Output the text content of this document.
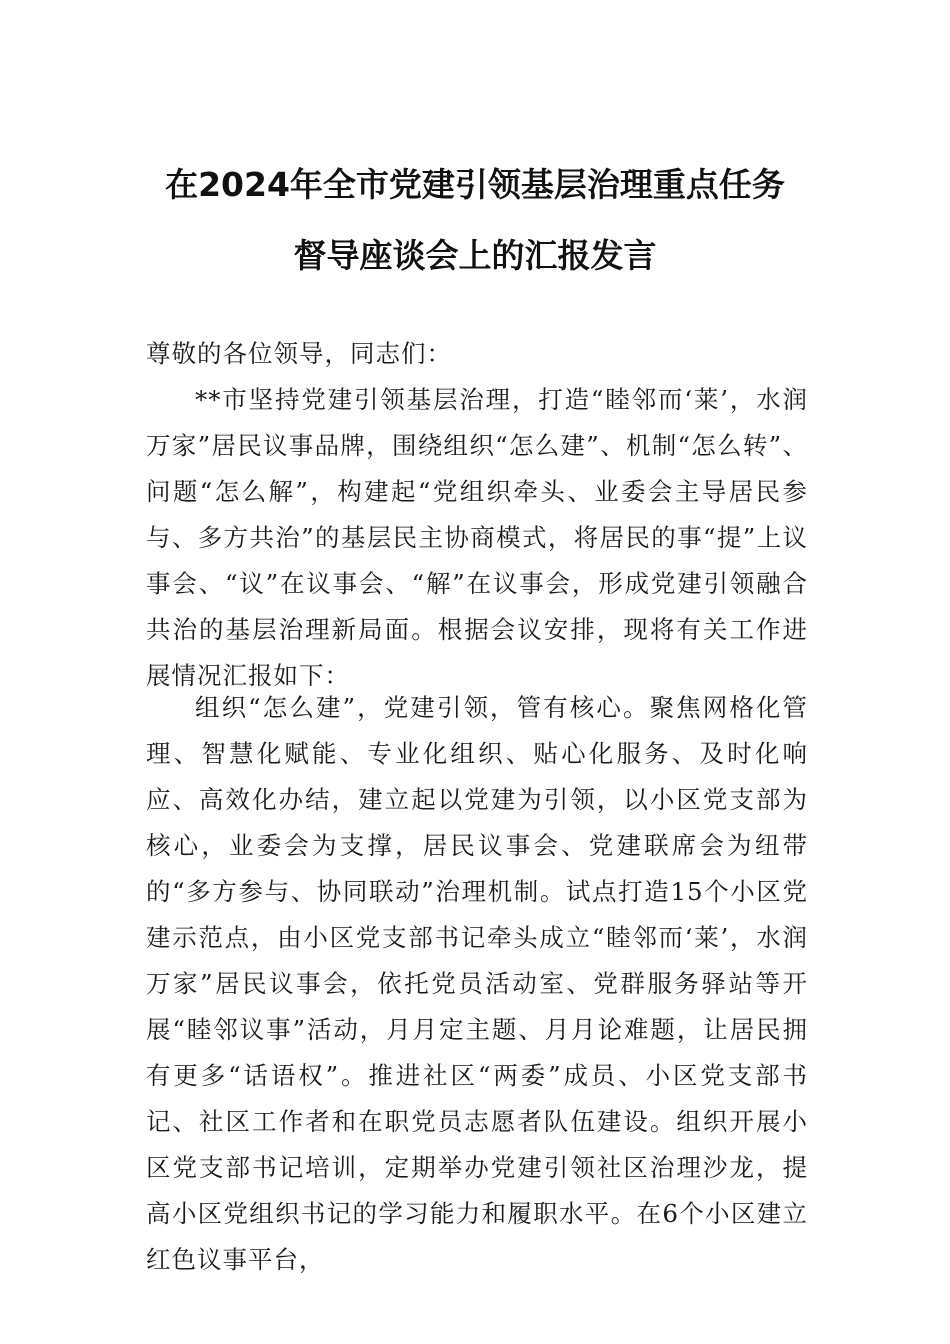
在2024年全市党建引领基层治理重点任务
督导座谈会上的汇报发言
尊敬的各位领导，同志们：

**市坚持党建引领基层治理，打造“睦邻而‘莱’，水润万家”居民议事品牌，围绕组织“怎么建”、机制“怎么转”、问题“怎么解”，构建起“党组织牵头、业委会主导居民参与、多方共治”的基层民主协商模式，将居民的事“提”上议事会、“议”在议事会、“解”在议事会，形成党建引领融合共治的基层治理新局面。根据会议安排，现将有关工作进展情况汇报如下：

组织“怎么建”，党建引领，管有核心。聚焦网格化管理、智慧化赋能、专业化组织、贴心化服务、及时化响应、高效化办结，建立起以党建为引领，以小区党支部为核心，业委会为支撑，居民议事会、党建联席会为纽带的“多方参与、协同联动”治理机制。试点打造15个小区党建示范点，由小区党支部书记牵头成立“睦邻而‘莱’，水润万家”居民议事会，依托党员活动室、党群服务驿站等开展“睦邻议事”活动，月月定主题、月月论难题，让居民拥有更多“话语权”。推进社区“两委”成员、小区党支部书记、社区工作者和在职党员志愿者队伍建设。组织开展小区党支部书记培训，定期举办党建引领社区治理沙龙，提高小区党组织书记的学习能力和履职水平。在6个小区建立红色议事平台，
